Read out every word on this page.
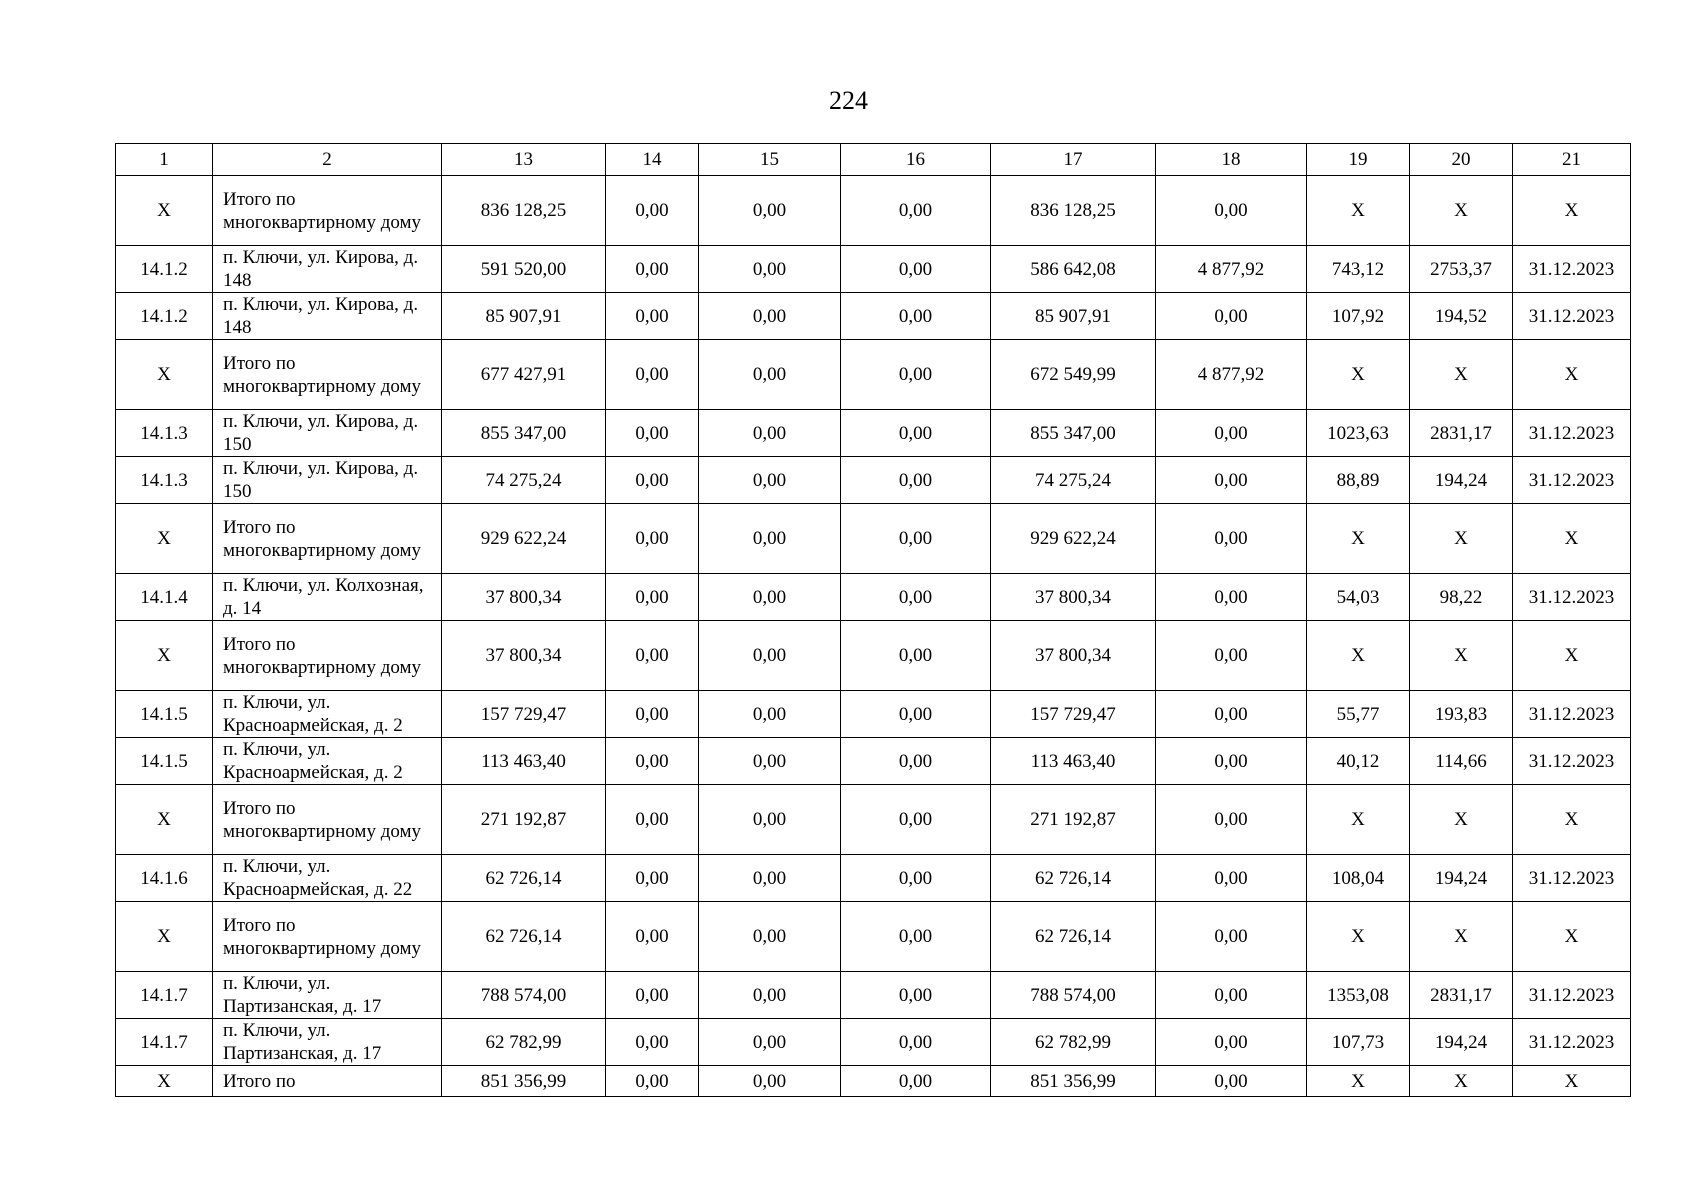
224
1	2	13	14	15	16	17	18	19	20	21
X	Итого по многоквартирному дому	836 128,25	0,00	0,00	0,00	836 128,25	0,00	X	X	X
14.1.2	п. Ключи, ул. Кирова, д. 148	591 520,00	0,00	0,00	0,00	586 642,08	4 877,92	743,12	2753,37	31.12.2023
14.1.2	п. Ключи, ул. Кирова, д. 148	85 907,91	0,00	0,00	0,00	85 907,91	0,00	107,92	194,52	31.12.2023
X	Итого по многоквартирному дому	677 427,91	0,00	0,00	0,00	672 549,99	4 877,92	X	X	X
14.1.3	п. Ключи, ул. Кирова, д. 150	855 347,00	0,00	0,00	0,00	855 347,00	0,00	1023,63	2831,17	31.12.2023
14.1.3	п. Ключи, ул. Кирова, д. 150	74 275,24	0,00	0,00	0,00	74 275,24	0,00	88,89	194,24	31.12.2023
X	Итого по многоквартирному дому	929 622,24	0,00	0,00	0,00	929 622,24	0,00	X	X	X
14.1.4	п. Ключи, ул. Колхозная, д. 14	37 800,34	0,00	0,00	0,00	37 800,34	0,00	54,03	98,22	31.12.2023
X	Итого по многоквартирному дому	37 800,34	0,00	0,00	0,00	37 800,34	0,00	X	X	X
14.1.5	п. Ключи, ул. Красноармейская, д. 2	157 729,47	0,00	0,00	0,00	157 729,47	0,00	55,77	193,83	31.12.2023
14.1.5	п. Ключи, ул. Красноармейская, д. 2	113 463,40	0,00	0,00	0,00	113 463,40	0,00	40,12	114,66	31.12.2023
X	Итого по многоквартирному дому	271 192,87	0,00	0,00	0,00	271 192,87	0,00	X	X	X
14.1.6	п. Ключи, ул. Красноармейская, д. 22	62 726,14	0,00	0,00	0,00	62 726,14	0,00	108,04	194,24	31.12.2023
X	Итого по многоквартирному дому	62 726,14	0,00	0,00	0,00	62 726,14	0,00	X	X	X
14.1.7	п. Ключи, ул. Партизанская, д. 17	788 574,00	0,00	0,00	0,00	788 574,00	0,00	1353,08	2831,17	31.12.2023
14.1.7	п. Ключи, ул. Партизанская, д. 17	62 782,99	0,00	0,00	0,00	62 782,99	0,00	107,73	194,24	31.12.2023
X	Итого по	851 356,99	0,00	0,00	0,00	851 356,99	0,00	X	X	X
